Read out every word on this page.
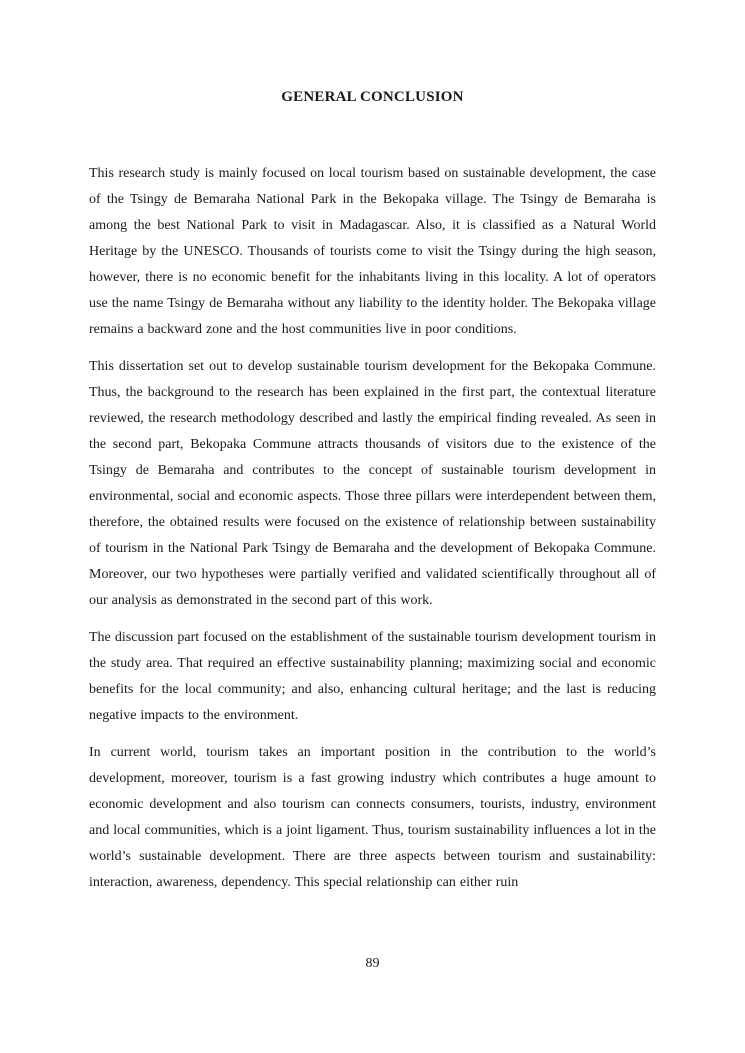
GENERAL CONCLUSION

This research study is mainly focused on local tourism based on sustainable development, the case of the Tsingy de Bemaraha National Park in the Bekopaka village. The Tsingy de Bemaraha is among the best National Park to visit in Madagascar. Also, it is classified as a Natural World Heritage by the UNESCO. Thousands of tourists come to visit the Tsingy during the high season, however, there is no economic benefit for the inhabitants living in this locality. A lot of operators use the name Tsingy de Bemaraha without any liability to the identity holder. The Bekopaka village remains a backward zone and the host communities live in poor conditions.

This dissertation set out to develop sustainable tourism development for the Bekopaka Commune. Thus, the background to the research has been explained in the first part, the contextual literature reviewed, the research methodology described and lastly the empirical finding revealed. As seen in the second part, Bekopaka Commune attracts thousands of visitors due to the existence of the Tsingy de Bemaraha and contributes to the concept of sustainable tourism development in environmental, social and economic aspects. Those three pillars were interdependent between them, therefore, the obtained results were focused on the existence of relationship between sustainability of tourism in the National Park Tsingy de Bemaraha and the development of Bekopaka Commune. Moreover, our two hypotheses were partially verified and validated scientifically throughout all of our analysis as demonstrated in the second part of this work.

The discussion part focused on the establishment of the sustainable tourism development tourism in the study area. That required an effective sustainability planning; maximizing social and economic benefits for the local community; and also, enhancing cultural heritage; and the last is reducing negative impacts to the environment.

In current world, tourism takes an important position in the contribution to the world’s development, moreover, tourism is a fast growing industry which contributes a huge amount to economic development and also tourism can connects consumers, tourists, industry, environment and local communities, which is a joint ligament. Thus, tourism sustainability influences a lot in the world’s sustainable development. There are three aspects between tourism and sustainability: interaction, awareness, dependency. This special relationship can either ruin

89
